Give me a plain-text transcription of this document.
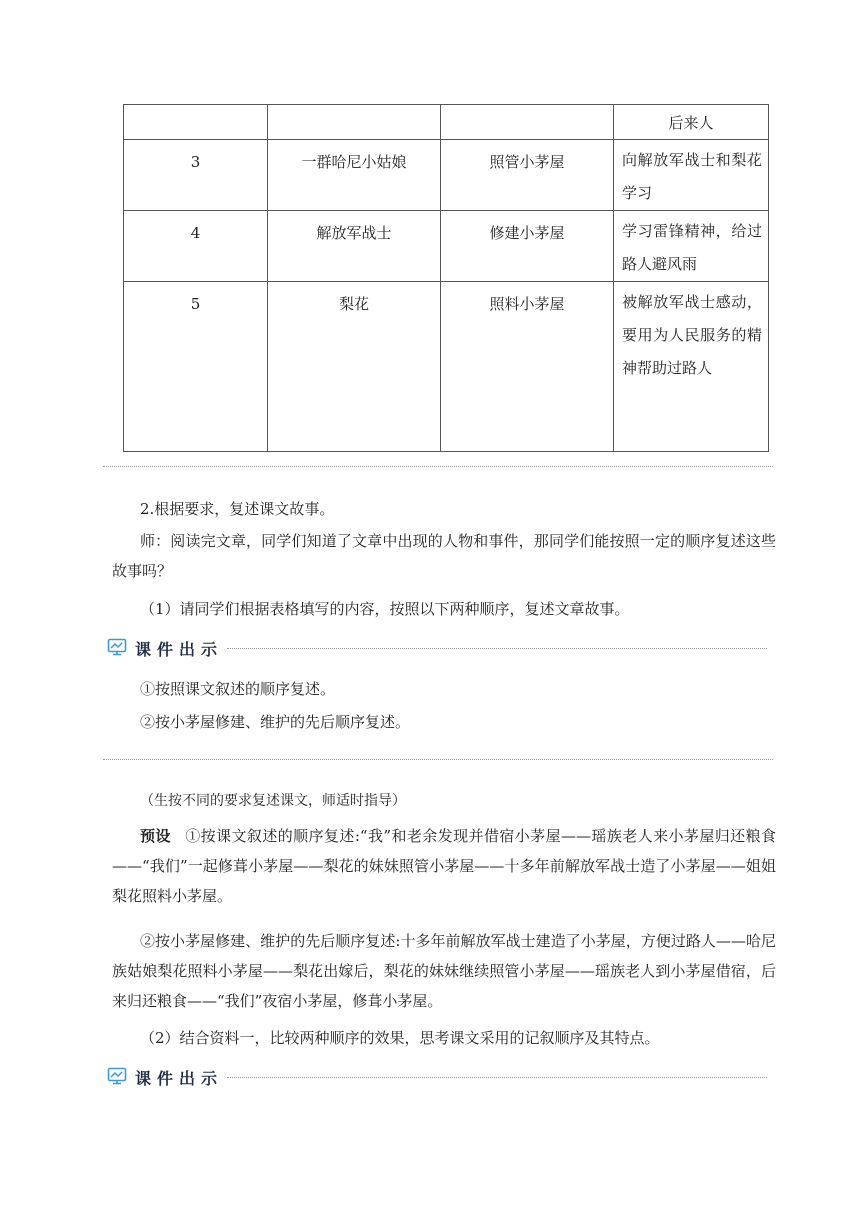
			后来人
3	一群哈尼小姑娘	照管小茅屋	向解放军战士和梨花学习
4	解放军战士	修建小茅屋	学习雷锋精神，给过路人避风雨
5	梨花	照料小茅屋	被解放军战士感动，要用为人民服务的精神帮助过路人
2.根据要求，复述课文故事。
师：阅读完文章，同学们知道了文章中出现的人物和事件，那同学们能按照一定的顺序复述这些故事吗？
（1）请同学们根据表格填写的内容，按照以下两种顺序，复述文章故事。
课件出示
①按照课文叙述的顺序复述。
②按小茅屋修建、维护的先后顺序复述。
（生按不同的要求复述课文，师适时指导）
预设 ①按课文叙述的顺序复述:“我”和老余发现并借宿小茅屋——瑶族老人来小茅屋归还粮食——“我们”一起修葺小茅屋——梨花的妹妹照管小茅屋——十多年前解放军战士造了小茅屋——姐姐梨花照料小茅屋。
②按小茅屋修建、维护的先后顺序复述:十多年前解放军战士建造了小茅屋，方便过路人——哈尼族姑娘梨花照料小茅屋——梨花出嫁后，梨花的妹妹继续照管小茅屋——瑶族老人到小茅屋借宿，后来归还粮食——“我们”夜宿小茅屋，修葺小茅屋。
（2）结合资料一，比较两种顺序的效果，思考课文采用的记叙顺序及其特点。
课件出示
